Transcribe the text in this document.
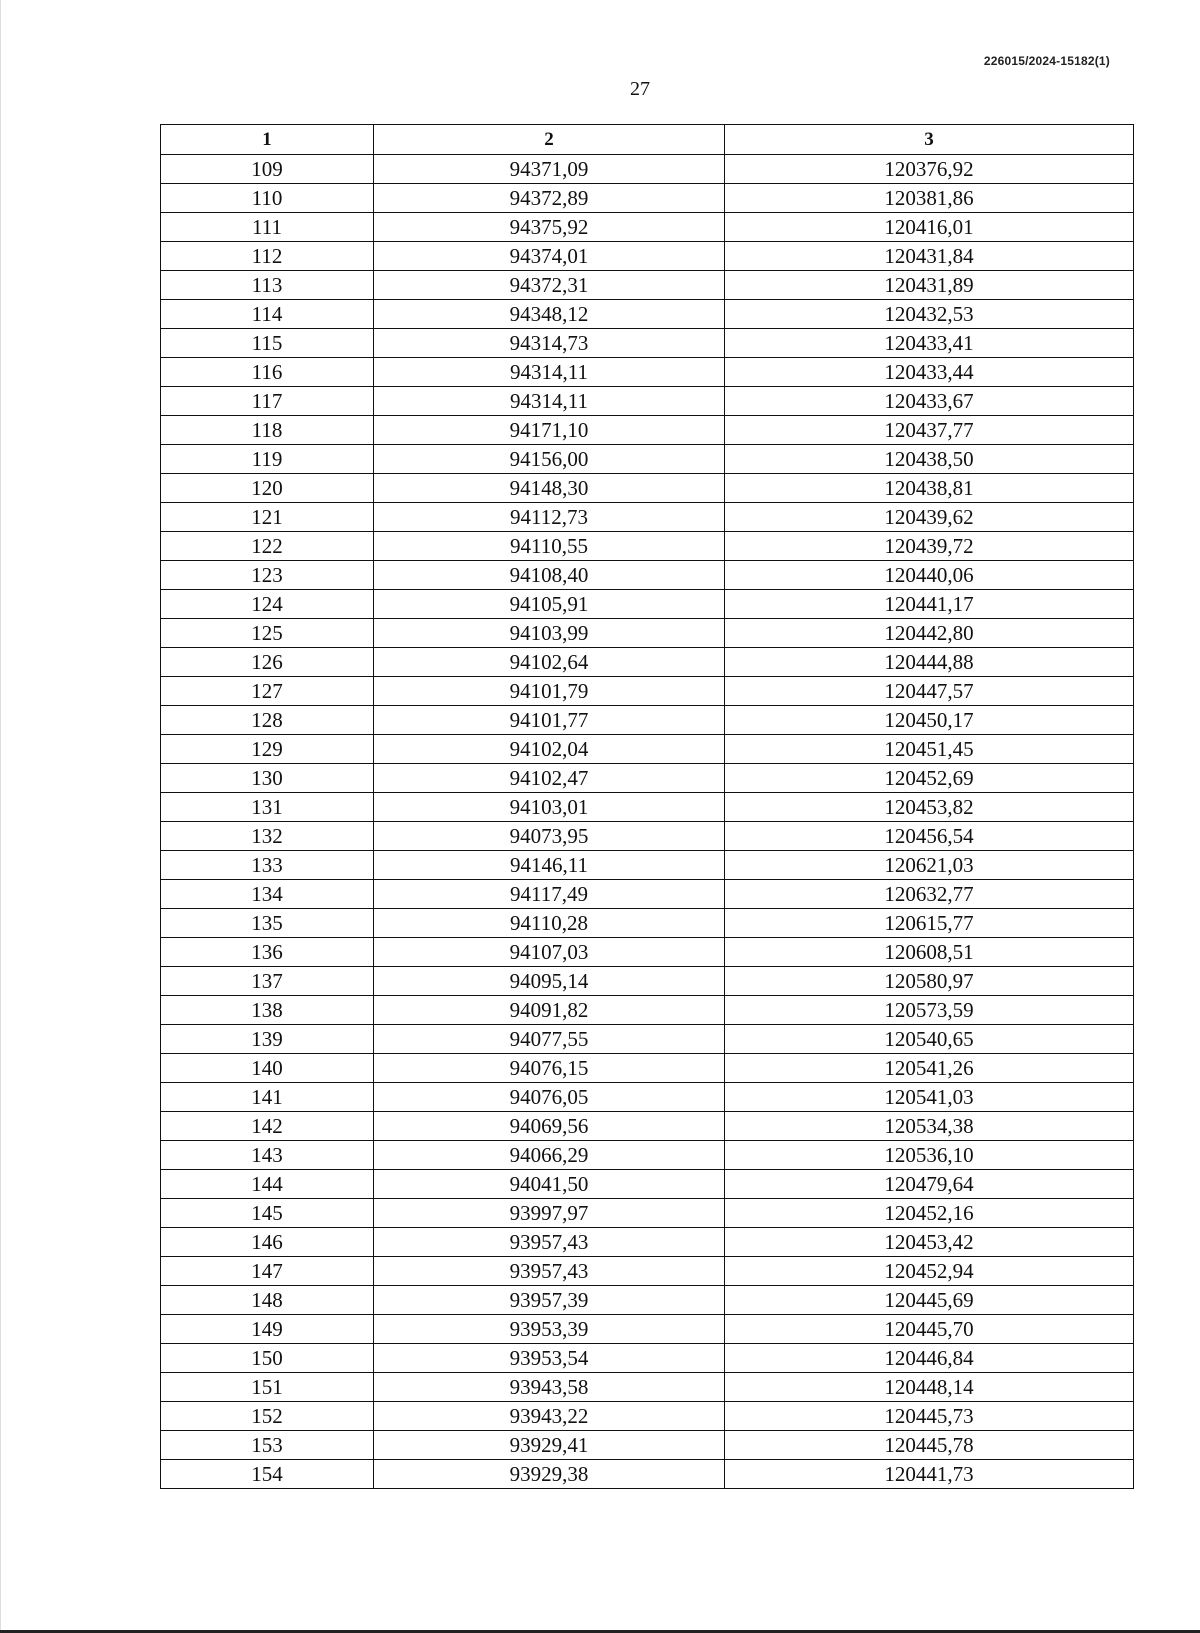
226015/2024-15182(1)
27
1	2	3
109	94371,09	120376,92
110	94372,89	120381,86
111	94375,92	120416,01
112	94374,01	120431,84
113	94372,31	120431,89
114	94348,12	120432,53
115	94314,73	120433,41
116	94314,11	120433,44
117	94314,11	120433,67
118	94171,10	120437,77
119	94156,00	120438,50
120	94148,30	120438,81
121	94112,73	120439,62
122	94110,55	120439,72
123	94108,40	120440,06
124	94105,91	120441,17
125	94103,99	120442,80
126	94102,64	120444,88
127	94101,79	120447,57
128	94101,77	120450,17
129	94102,04	120451,45
130	94102,47	120452,69
131	94103,01	120453,82
132	94073,95	120456,54
133	94146,11	120621,03
134	94117,49	120632,77
135	94110,28	120615,77
136	94107,03	120608,51
137	94095,14	120580,97
138	94091,82	120573,59
139	94077,55	120540,65
140	94076,15	120541,26
141	94076,05	120541,03
142	94069,56	120534,38
143	94066,29	120536,10
144	94041,50	120479,64
145	93997,97	120452,16
146	93957,43	120453,42
147	93957,43	120452,94
148	93957,39	120445,69
149	93953,39	120445,70
150	93953,54	120446,84
151	93943,58	120448,14
152	93943,22	120445,73
153	93929,41	120445,78
154	93929,38	120441,73
